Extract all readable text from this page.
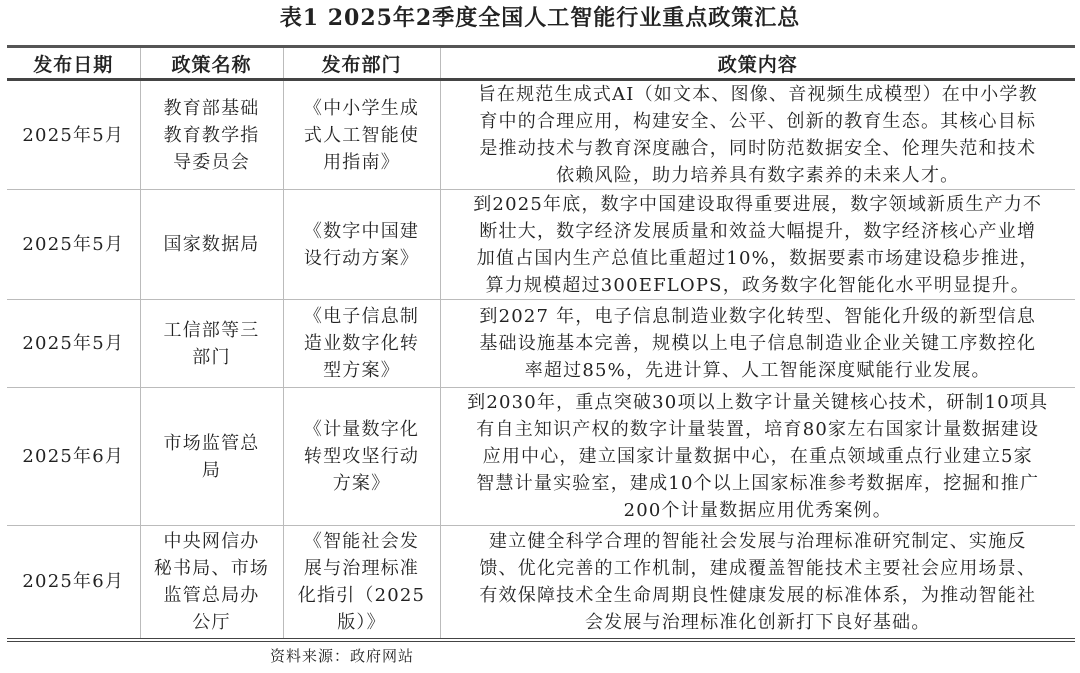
表1 2025年2季度全国人工智能行业重点政策汇总
发布日期	政策名称	发布部门	政策内容

2025年5月	教育部基础
教育教学指
导委员会	《中小学生成
式人工智能使
用指南》	旨在规范生成式AI（如文本、图像、音视频生成模型）在中小学教
育中的合理应用，构建安全、公平、创新的教育生态。其核心目标
是推动技术与教育深度融合，同时防范数据安全、伦理失范和技术
依赖风险，助力培养具有数字素养的未来人才。

2025年5月	国家数据局	《数字中国建
设行动方案》	到2025年底，数字中国建设取得重要进展，数字领域新质生产力不
断壮大，数字经济发展质量和效益大幅提升，数字经济核心产业增
加值占国内生产总值比重超过10%，数据要素市场建设稳步推进，
算力规模超过300EFLOPS，政务数字化智能化水平明显提升。

2025年5月	工信部等三
部门	《电子信息制
造业数字化转
型方案》	到2027 年，电子信息制造业数字化转型、智能化升级的新型信息
基础设施基本完善，规模以上电子信息制造业企业关键工序数控化
率超过85%，先进计算、人工智能深度赋能行业发展。

2025年6月	市场监管总
局	《计量数字化
转型攻坚行动
方案》	到2030年，重点突破30项以上数字计量关键核心技术，研制10项具
有自主知识产权的数字计量装置，培育80家左右国家计量数据建设
应用中心，建立国家计量数据中心，在重点领域重点行业建立5家
智慧计量实验室，建成10个以上国家标准参考数据库，挖掘和推广
200个计量数据应用优秀案例。

2025年6月	中央网信办
秘书局、市场
监管总局办
公厅	《智能社会发
展与治理标准
化指引（2025
版）》	建立健全科学合理的智能社会发展与治理标准研究制定、实施反
馈、优化完善的工作机制，建成覆盖智能技术主要社会应用场景、
有效保障技术全生命周期良性健康发展的标准体系，为推动智能社
会发展与治理标准化创新打下良好基础。
资料来源：政府网站
